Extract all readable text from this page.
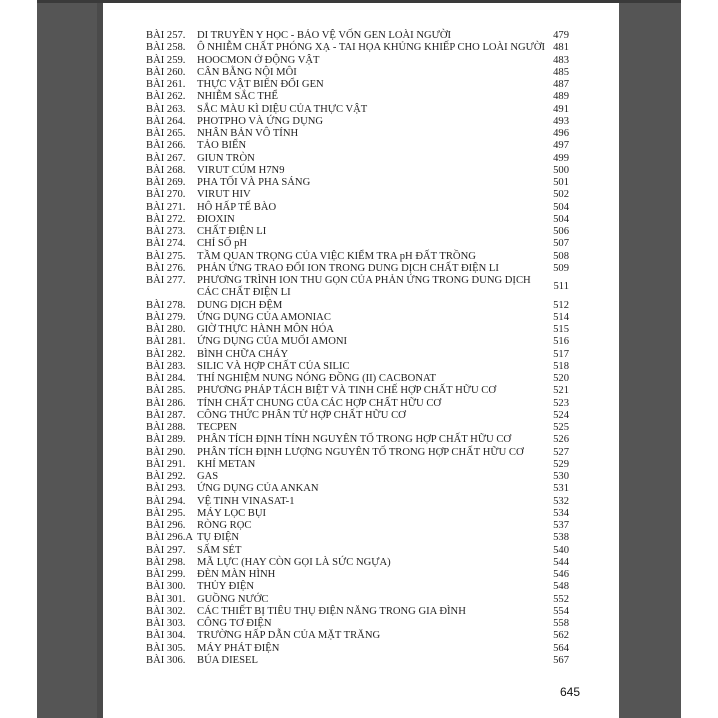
BÀI 257. DI TRUYỀN Y HỌC - BẢO VỆ VỐN GEN LOÀI NGƯỜI	479
BÀI 258. Ô NHIỄM CHẤT PHÓNG XẠ - TAI HỌA KHỦNG KHIẾP CHO LOÀI NGƯỜI 481
BÀI 259. HOOCMON Ở ĐỘNG VẬT	483
BÀI 260. CÂN BẰNG NỘI MÔI	485
BÀI 261. THỰC VẬT BIẾN ĐỔI GEN	487
BÀI 262. NHIỄM SẮC THỂ	489
BÀI 263. SẮC MÀU KÌ DIỆU CỦA THỰC VẬT	491
BÀI 264. PHOTPHO VÀ ỨNG DỤNG	493
BÀI 265. NHÂN BẢN VÔ TÍNH	496
BÀI 266. TẢO BIỂN	497
BÀI 267. GIUN TRÒN	499
BÀI 268. VIRUT CÚM H7N9	500
BÀI 269. PHA TỐI VÀ PHA SÁNG	501
BÀI 270. VIRUT HIV	502
BÀI 271. HÔ HẤP TẾ BÀO	504
BÀI 272. ĐIOXIN	504
BÀI 273. CHẤT ĐIỆN LI	506
BÀI 274. CHỈ SỐ pH	507
BÀI 275. TẦM QUAN TRỌNG CỦA VIỆC KIỂM TRA pH ĐẤT TRỒNG	508
BÀI 276. PHẢN ỨNG TRAO ĐỔI ION TRONG DUNG DỊCH CHẤT ĐIỆN LI	509
BÀI 277. PHƯƠNG TRÌNH ION THU GỌN CỦA PHẢN ỨNG TRONG DUNG DỊCH CÁC CHẤT ĐIỆN LI
511
BÀI 278. DUNG DỊCH ĐỆM	512
BÀI 279. ỨNG DỤNG CỦA AMONIAC	514
BÀI 280. GIỜ THỰC HÀNH MÔN HÓA	515
BÀI 281. ỨNG DỤNG CỦA MUỐI AMONI	516
BÀI 282. BÌNH CHỮA CHÁY	517
BÀI 283. SILIC VÀ HỢP CHẤT CỦA SILIC	518
BÀI 284. THÍ NGHIỆM NUNG NÓNG ĐỒNG (II) CACBONAT	520
BÀI 285. PHƯƠNG PHÁP TÁCH BIỆT VÀ TINH CHẾ HỢP CHẤT HỮU CƠ	521
BÀI 286. TÍNH CHẤT CHUNG CỦA CÁC HỢP CHẤT HỮU CƠ	523
BÀI 287. CÔNG THỨC PHÂN TỬ HỢP CHẤT HỮU CƠ	524
BÀI 288. TECPEN	525
BÀI 289. PHÂN TÍCH ĐỊNH TÍNH NGUYÊN TỐ TRONG HỢP CHẤT HỮU CƠ	526
BÀI 290. PHÂN TÍCH ĐỊNH LƯỢNG NGUYÊN TỐ TRONG HỢP CHẤT HỮU CƠ	527
BÀI 291. KHÍ METAN	529
BÀI 292. GAS	530
BÀI 293. ỨNG DỤNG CỦA ANKAN	531
BÀI 294. VỆ TINH VINASAT-1	532
BÀI 295. MÁY LỌC BỤI	534
BÀI 296. RÒNG RỌC	537
BÀI 296.A TỤ ĐIỆN	538
BÀI 297. SẤM SÉT	540
BÀI 298. MÃ LỰC (HAY CÒN GỌI LÀ SỨC NGỰA)	544
BÀI 299. ĐÈN MÀN HÌNH	546
BÀI 300. THỦY ĐIỆN	548
BÀI 301. GUỒNG NƯỚC	552
BÀI 302. CÁC THIẾT BỊ TIÊU THỤ ĐIỆN NĂNG TRONG GIA ĐÌNH	554
BÀI 303. CÔNG TƠ ĐIỆN	558
BÀI 304. TRƯỜNG HẤP DẪN CỦA MẶT TRĂNG	562
BÀI 305. MÁY PHÁT ĐIỆN	564
BÀI 306. BÚA DIESEL	567
645
